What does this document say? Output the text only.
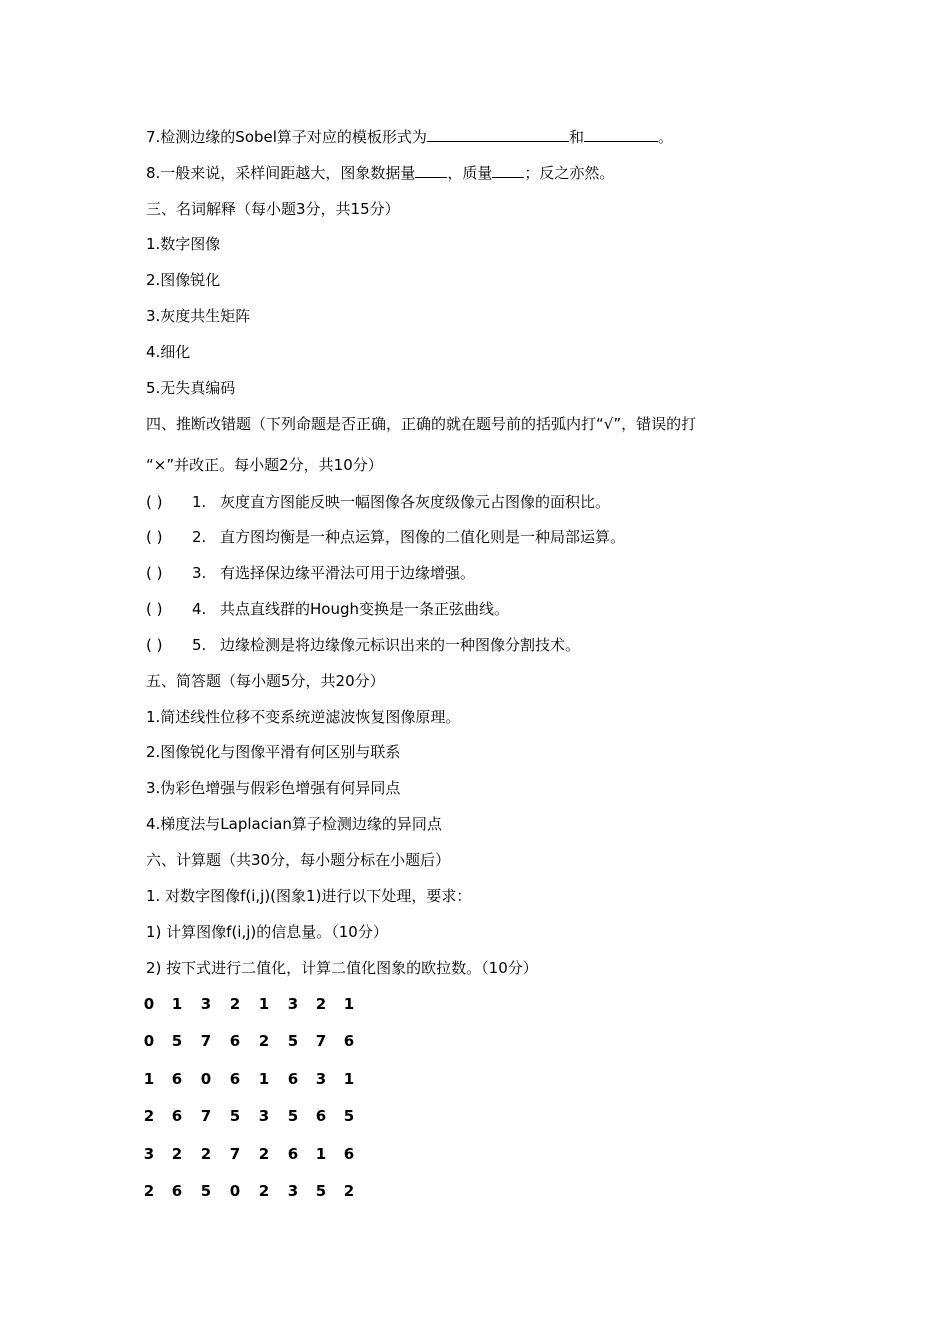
7.检测边缘的Sobel算子对应的模板形式为	和	。
8.一般来说，采样间距越大，图象数据量 ，质量 ；反之亦然。
三、名词解释（每小题3分，共15分）
1.数字图像
2.图像锐化
3.灰度共生矩阵
4.细化
5.无失真编码
四、推断改错题（下列命题是否正确，正确的就在题号前的括弧内打“√”，错误的打
“×”并改正。每小题2分，共10分）
( ) 1. 灰度直方图能反映一幅图像各灰度级像元占图像的面积比。
( ) 2. 直方图均衡是一种点运算，图像的二值化则是一种局部运算。
( ) 3. 有选择保边缘平滑法可用于边缘增强。
( ) 4. 共点直线群的Hough变换是一条正弦曲线。
( ) 5. 边缘检测是将边缘像元标识出来的一种图像分割技术。
五、简答题（每小题5分，共20分）
1.简述线性位移不变系统逆滤波恢复图像原理。
2.图像锐化与图像平滑有何区别与联系
3.伪彩色增强与假彩色增强有何异同点
4.梯度法与Laplacian算子检测边缘的异同点
六、计算题（共30分，每小题分标在小题后）
1. 对数字图像f(i,j)(图象1)进行以下处理，要求：
1) 计算图像f(i,j)的信息量。（10分）
2) 按下式进行二值化，计算二值化图象的欧拉数。（10分）
0 1 3 2 1 3 2 1
0 5 7 6 2 5 7 6
1 6 0 6 1 6 3 1
2 6 7 5 3 5 6 5
3 2 2 7 2 6 1 6
2 6 5 0 2 3 5 2
